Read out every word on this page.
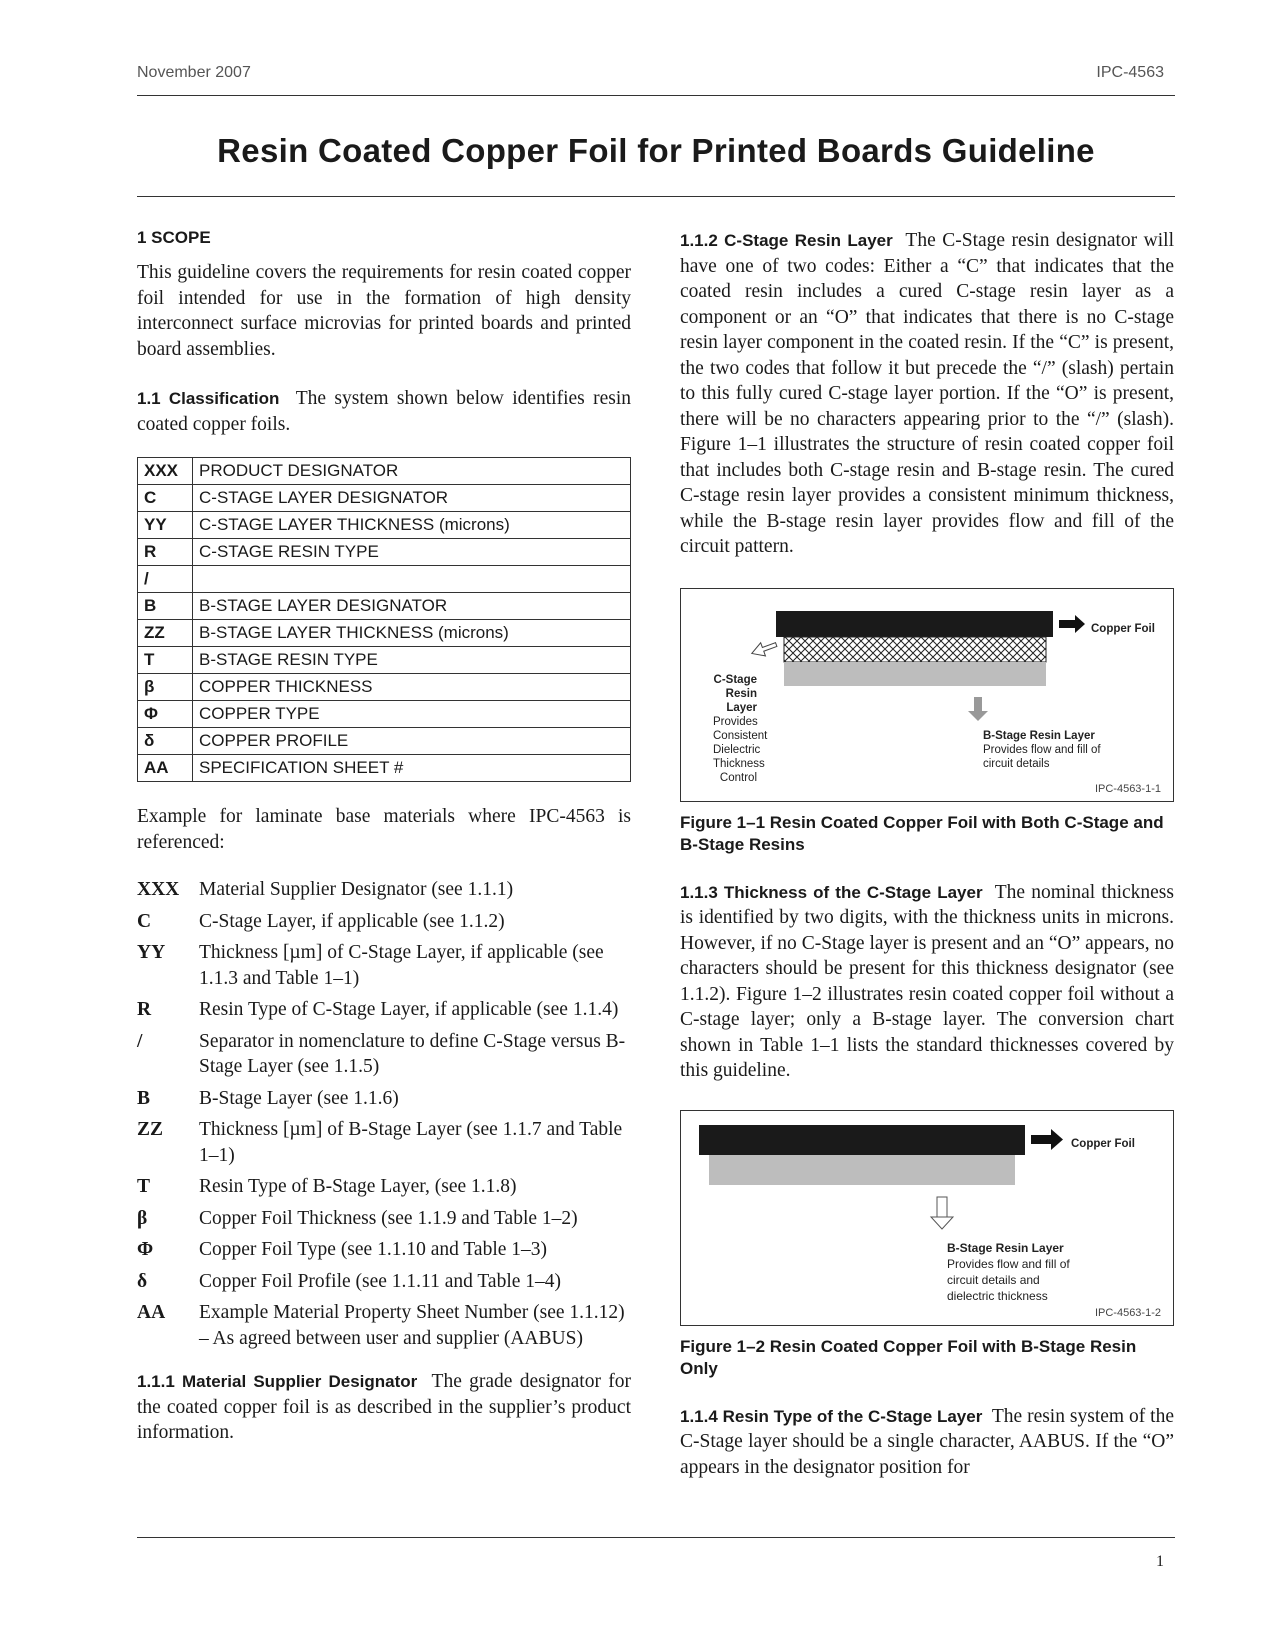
November 2007	IPC-4563
Resin Coated Copper Foil for Printed Boards Guideline
1 SCOPE

This guideline covers the requirements for resin coated copper foil intended for use in the formation of high density interconnect surface microvias for printed boards and printed board assemblies.

1.1 Classification The system shown below identifies resin coated copper foils.

XXX	PRODUCT DESIGNATOR
C	C-STAGE LAYER DESIGNATOR
YY	C-STAGE LAYER THICKNESS (microns)
R	C-STAGE RESIN TYPE
/	
B	B-STAGE LAYER DESIGNATOR
ZZ	B-STAGE LAYER THICKNESS (microns)
T	B-STAGE RESIN TYPE
β	COPPER THICKNESS
Φ	COPPER TYPE
δ	COPPER PROFILE
AA	SPECIFICATION SHEET #

Example for laminate base materials where IPC-4563 is referenced:

XXX	Material Supplier Designator (see 1.1.1)
C	C-Stage Layer, if applicable (see 1.1.2)
YY	Thickness [µm] of C-Stage Layer, if applicable (see 1.1.3 and Table 1–1)
R	Resin Type of C-Stage Layer, if applicable (see 1.1.4)
/	Separator in nomenclature to define C-Stage versus B-Stage Layer (see 1.1.5)
B	B-Stage Layer (see 1.1.6)
ZZ	Thickness [µm] of B-Stage Layer (see 1.1.7 and Table 1–1)
T	Resin Type of B-Stage Layer, (see 1.1.8)
β	Copper Foil Thickness (see 1.1.9 and Table 1–2)
Φ	Copper Foil Type (see 1.1.10 and Table 1–3)
δ	Copper Foil Profile (see 1.1.11 and Table 1–4)
AA	Example Material Property Sheet Number (see 1.1.12) – As agreed between user and supplier (AABUS)

1.1.1 Material Supplier Designator The grade designator for the coated copper foil is as described in the supplier’s product information.

1.1.2 C-Stage Resin Layer The C-Stage resin designator will have one of two codes: Either a “C” that indicates that the coated resin includes a cured C-stage resin layer as a component or an “O” that indicates that there is no C-stage resin layer component in the coated resin. If the “C” is present, the two codes that follow it but precede the “/” (slash) pertain to this fully cured C-stage layer portion. If the “O” is present, there will be no characters appearing prior to the “/” (slash). Figure 1–1 illustrates the structure of resin coated copper foil that includes both C-stage resin and B-stage resin. The cured C-stage resin layer provides a consistent minimum thickness, while the B-stage resin layer provides flow and fill of the circuit pattern.

C-Stage
Resin Layer
Provides
Consistent
Dielectric
Thickness
Control
Copper Foil
B-Stage Resin Layer
Provides flow and fill of
circuit details
IPC-4563-1-1
Figure 1–1 Resin Coated Copper Foil with Both C-Stage and B-Stage Resins

1.1.3 Thickness of the C-Stage Layer The nominal thickness is identified by two digits, with the thickness units in microns. However, if no C-Stage layer is present and an “O” appears, no characters should be present for this thickness designator (see 1.1.2). Figure 1–2 illustrates resin coated copper foil without a C-stage layer; only a B-stage layer. The conversion chart shown in Table 1–1 lists the standard thicknesses covered by this guideline.

Copper Foil
B-Stage Resin Layer
Provides flow and fill of
circuit details and
dielectric thickness
IPC-4563-1-2
Figure 1–2 Resin Coated Copper Foil with B-Stage Resin Only

1.1.4 Resin Type of the C-Stage Layer The resin system of the C-Stage layer should be a single character, AABUS. If the “O” appears in the designator position for

1
